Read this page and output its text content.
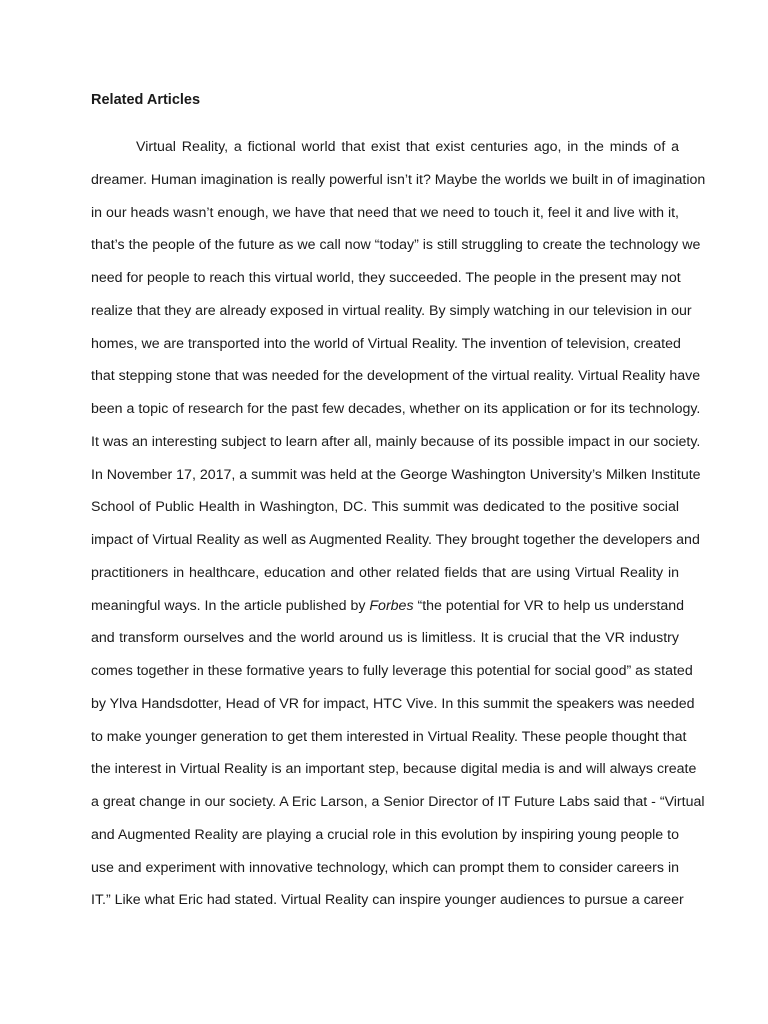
Related Articles
Virtual Reality, a fictional world that exist that exist centuries ago, in the minds of a
dreamer. Human imagination is really powerful isn’t it? Maybe the worlds we built in of imagination
in our heads wasn’t enough, we have that need that we need to touch it, feel it and live with it,
that’s the people of the future as we call now “today” is still struggling to create the technology we
need for people to reach this virtual world, they succeeded. The people in the present may not
realize that they are already exposed in virtual reality. By simply watching in our television in our
homes, we are transported into the world of Virtual Reality. The invention of television, created
that stepping stone that was needed for the development of the virtual reality. Virtual Reality have
been a topic of research for the past few decades, whether on its application or for its technology.
It was an interesting subject to learn after all, mainly because of its possible impact in our society.
In November 17, 2017, a summit was held at the George Washington University’s Milken Institute
School of Public Health in Washington, DC. This summit was dedicated to the positive social
impact of Virtual Reality as well as Augmented Reality. They brought together the developers and
practitioners in healthcare, education and other related fields that are using Virtual Reality in
meaningful ways. In the article published by Forbes “the potential for VR to help us understand
and transform ourselves and the world around us is limitless. It is crucial that the VR industry
comes together in these formative years to fully leverage this potential for social good” as stated
by Ylva Handsdotter, Head of VR for impact, HTC Vive. In this summit the speakers was needed
to make younger generation to get them interested in Virtual Reality. These people thought that
the interest in Virtual Reality is an important step, because digital media is and will always create
a great change in our society. A Eric Larson, a Senior Director of IT Future Labs said that - “Virtual
and Augmented Reality are playing a crucial role in this evolution by inspiring young people to
use and experiment with innovative technology, which can prompt them to consider careers in
IT.” Like what Eric had stated. Virtual Reality can inspire younger audiences to pursue a career
